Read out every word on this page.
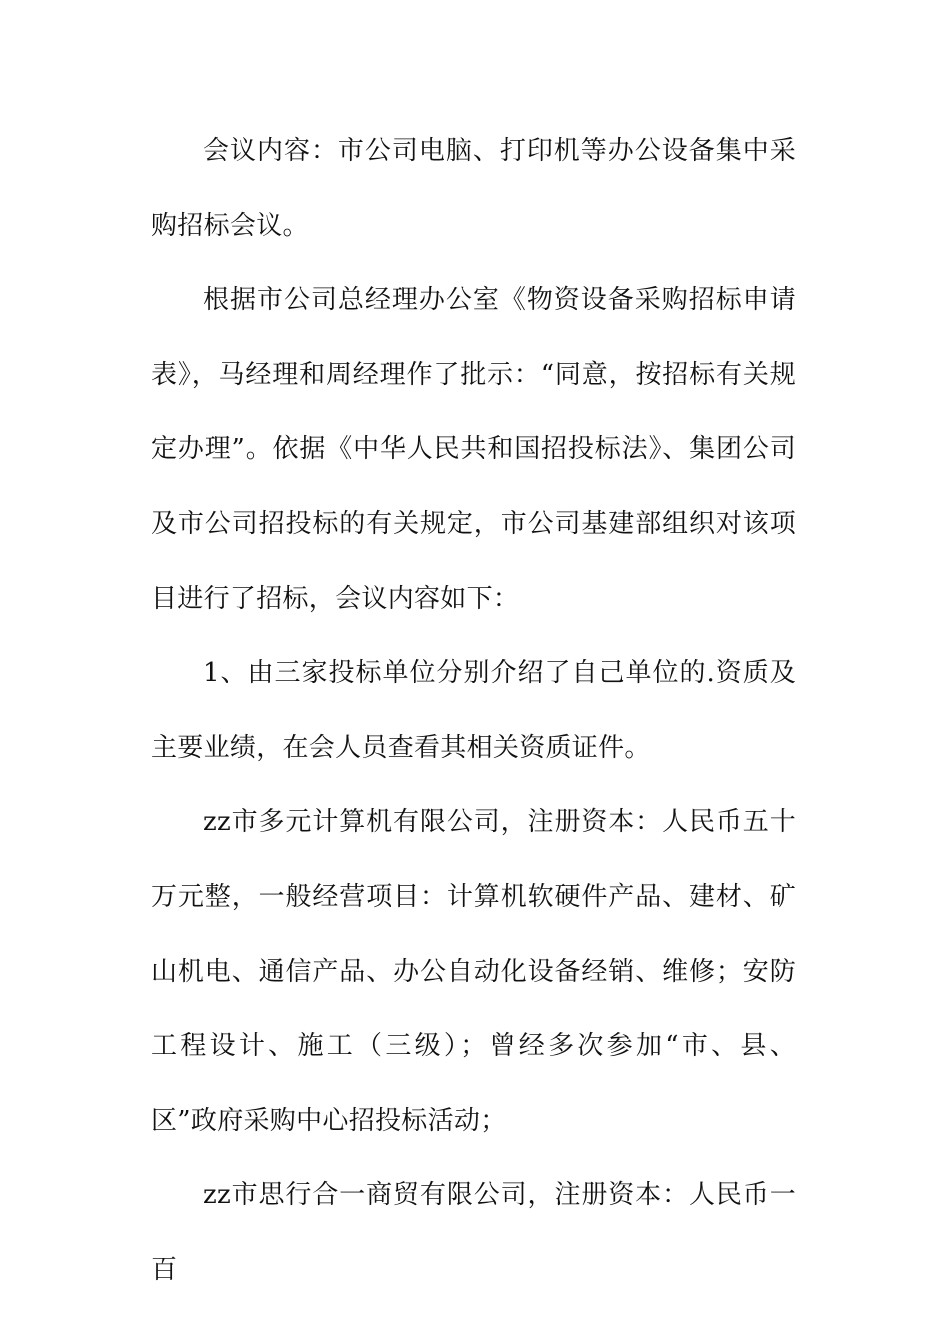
会议内容：市公司电脑、打印机等办公设备集中采购招标会议。

根据市公司总经理办公室《物资设备采购招标申请表》，马经理和周经理作了批示：“同意，按招标有关规定办理”。依据《中华人民共和国招投标法》、集团公司及市公司招投标的有关规定，市公司基建部组织对该项目进行了招标，会议内容如下：

1、由三家投标单位分别介绍了自己单位的.资质及主要业绩，在会人员查看其相关资质证件。

zz市多元计算机有限公司，注册资本：人民币五十万元整，一般经营项目：计算机软硬件产品、建材、矿山机电、通信产品、办公自动化设备经销、维修；安防工程设计、施工（三级）；曾经多次参加“市、县、区”政府采购中心招投标活动；

zz市思行合一商贸有限公司，注册资本：人民币一百
